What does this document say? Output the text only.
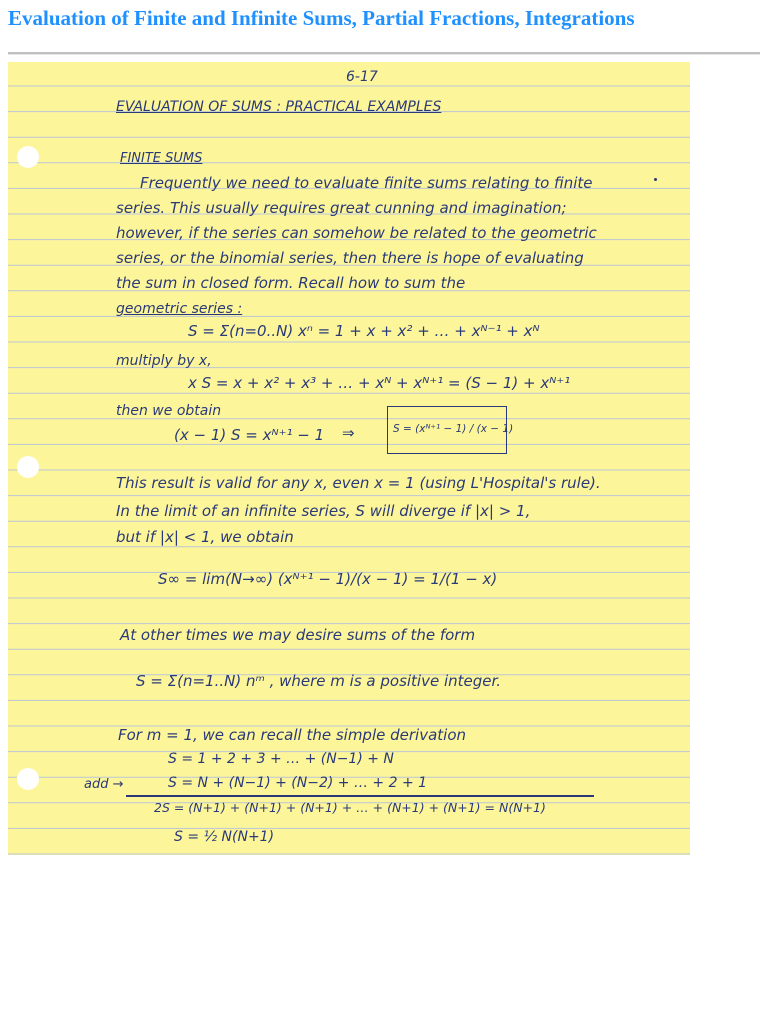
Evaluation of Finite and Infinite Sums, Partial Fractions, Integrations
6-17
EVALUATION OF SUMS : PRACTICAL EXAMPLES
FINITE SUMS
Frequently we need to evaluate finite sums relating to finite
series. This usually requires great cunning and imagination;
however, if the series can somehow be related to the geometric
series, or the binomial series, then there is hope of evaluating
the sum in closed form. Recall how to sum the
geometric series :
S = Σ(n=0..N) xⁿ = 1 + x + x² + … + xᴺ⁻¹ + xᴺ
multiply by x,
x S = x + x² + x³ + … + xᴺ + xᴺ⁺¹ = (S − 1) + xᴺ⁺¹
then we obtain
(x − 1) S = xᴺ⁺¹ − 1 ⇒	S = (xᴺ⁺¹ − 1) / (x − 1)
This result is valid for any x, even x = 1 (using L'Hospital's rule).
In the limit of an infinite series, S will diverge if |x| > 1,
but if |x| < 1, we obtain
S∞ = lim(N→∞) (xᴺ⁺¹ − 1)/(x − 1) = 1/(1 − x)
At other times we may desire sums of the form
S = Σ(n=1..N) nᵐ , where m is a positive integer.
For m = 1, we can recall the simple derivation
S = 1 + 2 + 3 + … + (N−1) + N
add →	S = N + (N−1) + (N−2) + … + 2 + 1
2S = (N+1) + (N+1) + (N+1) + … + (N+1) + (N+1) = N(N+1)
S = ½ N(N+1)
